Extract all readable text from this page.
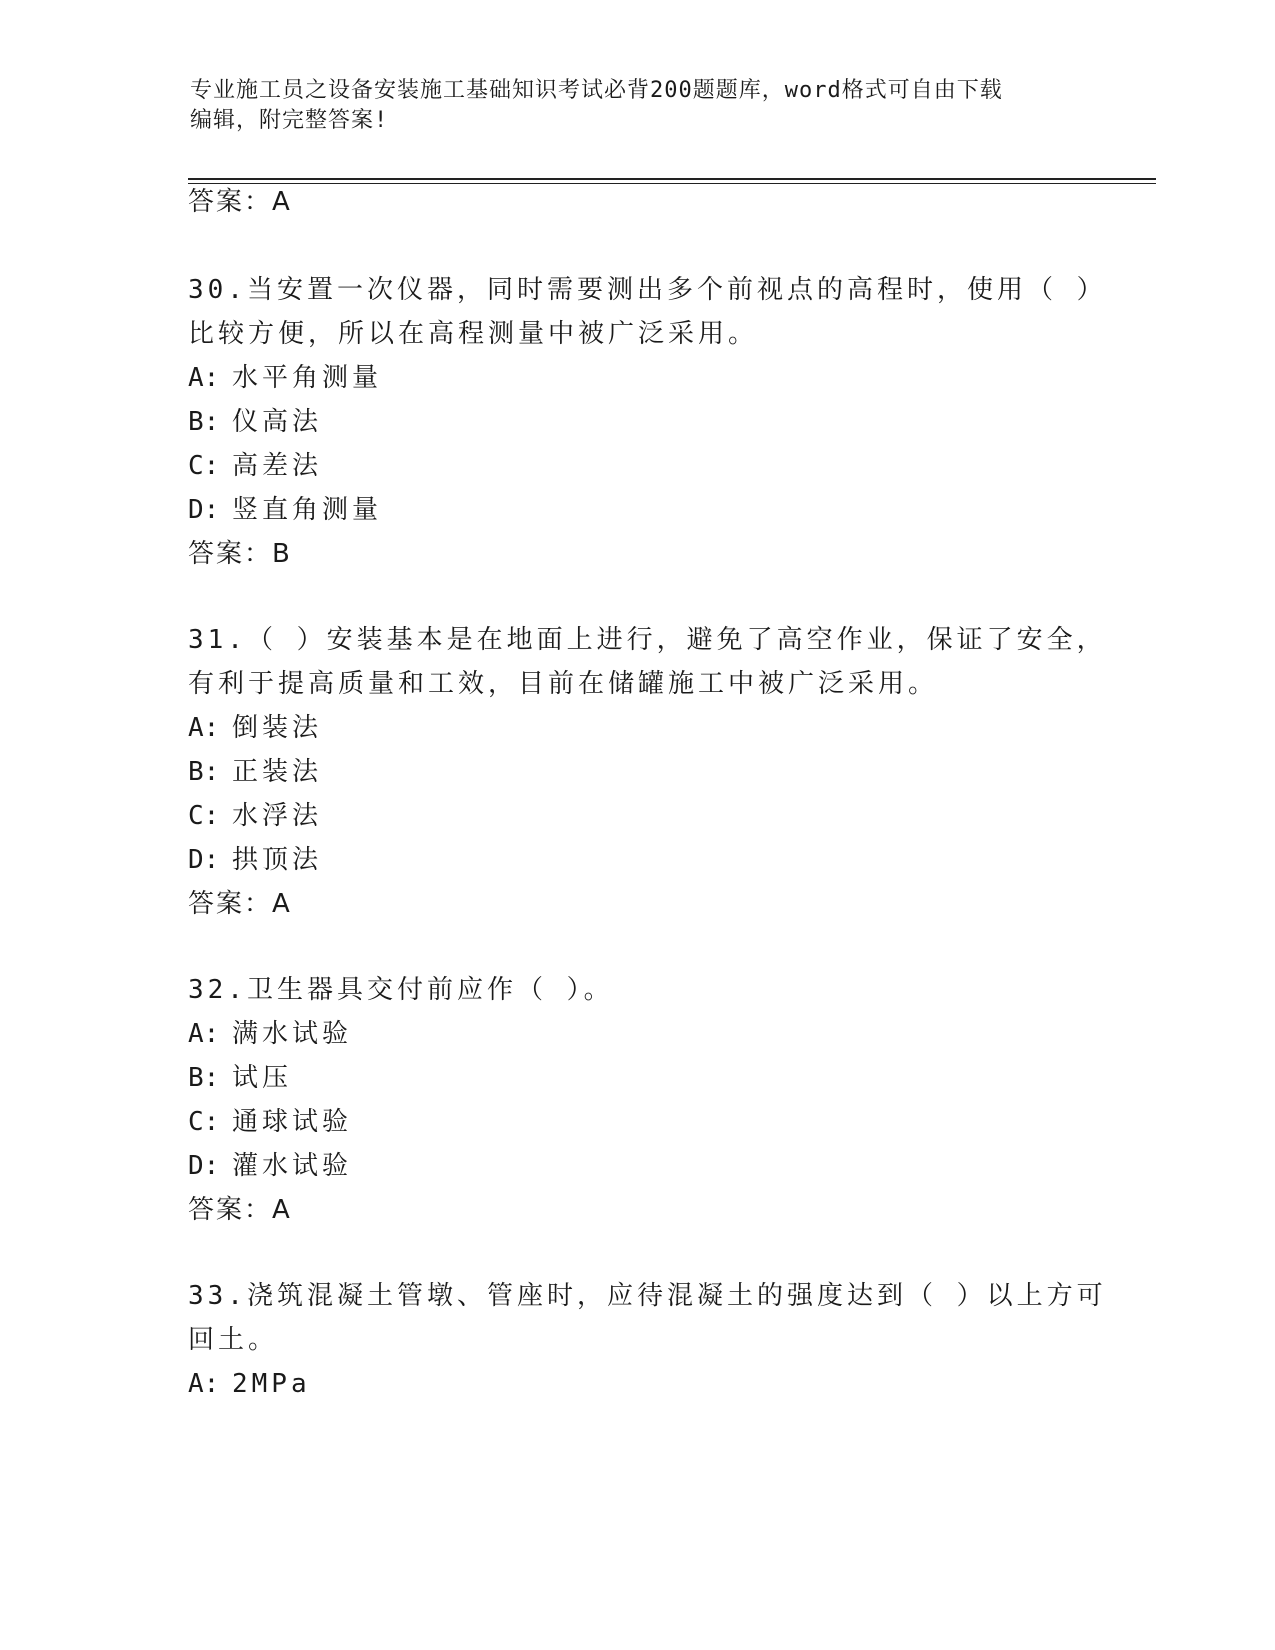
专业施工员之设备安装施工基础知识考试必背200题题库，word格式可自由下载
编辑，附完整答案!
答案：A
30.当安置一次仪器，同时需要测出多个前视点的高程时，使用（ ）
比较方便，所以在高程测量中被广泛采用。
A: 水平角测量
B: 仪高法
C: 高差法
D: 竖直角测量
答案：B
31.（ ）安装基本是在地面上进行，避免了高空作业，保证了安全，
有利于提高质量和工效，目前在储罐施工中被广泛采用。
A: 倒装法
B: 正装法
C: 水浮法
D: 拱顶法
答案：A
32.卫生器具交付前应作（ ）。
A: 满水试验
B: 试压
C: 通球试验
D: 灌水试验
答案：A
33.浇筑混凝土管墩、管座时，应待混凝土的强度达到（ ）以上方可
回土。
A: 2MPa
